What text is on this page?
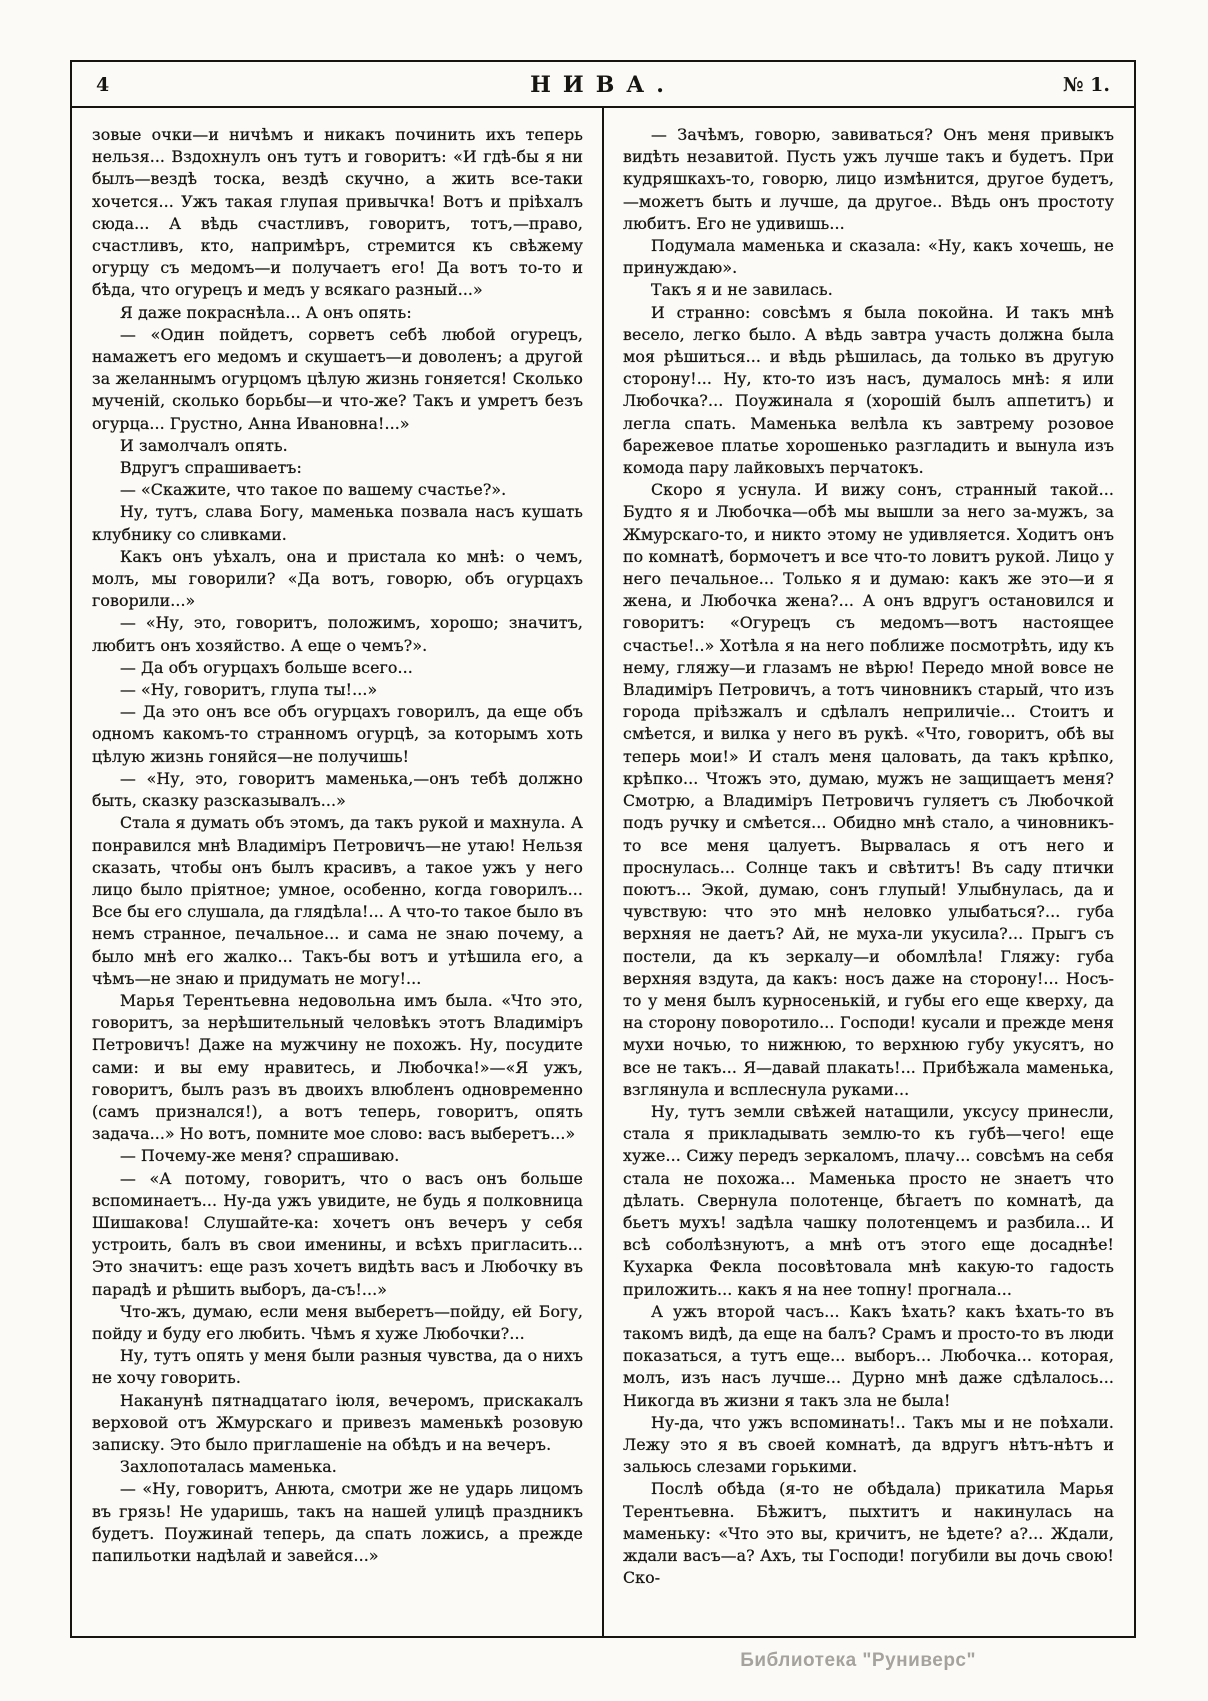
4	НИВА.	№ 1.

зовые очки—и ничѣмъ и никакъ починить ихъ теперь нельзя... Вздохнулъ онъ тутъ и говоритъ: «И гдѣ-бы я ни былъ—вездѣ тоска, вездѣ скучно, а жить все-таки хочется... Ужъ такая глупая привычка! Вотъ и пріѣхалъ сюда... А вѣдь счастливъ, говоритъ, тотъ,—право, счастливъ, кто, напримѣръ, стремится къ свѣжему огурцу съ медомъ—и получаетъ его! Да вотъ то-то и бѣда, что огурецъ и медъ у всякаго разный...»

Я даже покраснѣла... А онъ опять:

— «Один пойдетъ, сорветъ себѣ любой огурецъ, намажетъ его медомъ и скушаетъ—и доволенъ; а другой за желаннымъ огурцомъ цѣлую жизнь гоняется! Сколько мученій, сколько борьбы—и что-же? Такъ и умретъ безъ огурца... Грустно, Анна Ивановна!...»

И замолчалъ опять.

Вдругъ спрашиваетъ:

— «Скажите, что такое по вашему счастье?».

Ну, тутъ, слава Богу, маменька позвала насъ кушать клубнику со сливками.

Какъ онъ уѣхалъ, она и пристала ко мнѣ: о чемъ, молъ, мы говорили? «Да вотъ, говорю, объ огурцахъ говорили...»

— «Ну, это, говоритъ, положимъ, хорошо; значитъ, любитъ онъ хозяйство. А еще о чемъ?».

— Да объ огурцахъ больше всего...

— «Ну, говоритъ, глупа ты!...»

— Да это онъ все объ огурцахъ говорилъ, да еще объ одномъ какомъ-то странномъ огурцѣ, за которымъ хоть цѣлую жизнь гоняйся—не получишь!

— «Ну, это, говоритъ маменька,—онъ тебѣ должно быть, сказку разсказывалъ...»

Стала я думать объ этомъ, да такъ рукой и махнула. А понравился мнѣ Владиміръ Петровичъ—не утаю! Нельзя сказать, чтобы онъ былъ красивъ, а такое ужъ у него лицо было пріятное; умное, особенно, когда говорилъ... Все бы его слушала, да глядѣла!... А что-то такое было въ немъ странное, печальное... и сама не знаю почему, а было мнѣ его жалко... Такъ-бы вотъ и утѣшила его, а чѣмъ—не знаю и придумать не могу!...

Марья Терентьевна недовольна имъ была. «Что это, говоритъ, за нерѣшительный человѣкъ этотъ Владиміръ Петровичъ! Даже на мужчину не похожъ. Ну, посудите сами: и вы ему нравитесь, и Любочка!»—«Я ужъ, говоритъ, былъ разъ въ двоихъ влюбленъ одновременно (самъ признался!), а вотъ теперь, говоритъ, опять задача...» Но вотъ, помните мое слово: васъ выберетъ...»

— Почему-же меня? спрашиваю.

— «А потому, говоритъ, что о васъ онъ больше вспоминаетъ... Ну-да ужъ увидите, не будь я полковница Шишакова! Слушайте-ка: хочетъ онъ вечеръ у себя устроить, балъ въ свои именины, и всѣхъ пригласить... Это значитъ: еще разъ хочетъ видѣть васъ и Любочку въ парадѣ и рѣшить выборъ, да-съ!...»

Что-жъ, думаю, если меня выберетъ—пойду, ей Богу, пойду и буду его любить. Чѣмъ я хуже Любочки?...

Ну, тутъ опять у меня были разныя чувства, да о нихъ не хочу говорить.

Наканунѣ пятнадцатаго іюля, вечеромъ, прискакалъ верховой отъ Жмурскаго и привезъ маменькѣ розовую записку. Это было приглашеніе на обѣдъ и на вечеръ.

Захлопоталась маменька.

— «Ну, говоритъ, Анюта, смотри же не ударь лицомъ въ грязь! Не ударишь, такъ на нашей улицѣ праздникъ будетъ. Поужинай теперь, да спать ложись, а прежде папильотки надѣлай и завейся...»

— Зачѣмъ, говорю, завиваться? Онъ меня привыкъ видѣть незавитой. Пусть ужъ лучше такъ и будетъ. При кудряшкахъ-то, говорю, лицо измѣнится, другое будетъ,—можетъ быть и лучше, да другое.. Вѣдь онъ простоту любитъ. Его не удивишь...

Подумала маменька и сказала: «Ну, какъ хочешь, не принуждаю».

Такъ я и не завилась.

И странно: совсѣмъ я была покойна. И такъ мнѣ весело, легко было. А вѣдь завтра участь должна была моя рѣшиться... и вѣдь рѣшилась, да только въ другую сторону!... Ну, кто-то изъ насъ, думалось мнѣ: я или Любочка?... Поужинала я (хорошій былъ аппетитъ) и легла спать. Маменька велѣла къ завтрему розовое барежевое платье хорошенько разгладить и вынула изъ комода пару лайковыхъ перчатокъ.

Скоро я уснула. И вижу сонъ, странный такой... Будто я и Любочка—обѣ мы вышли за него за-мужъ, за Жмурскаго-то, и никто этому не удивляется. Ходитъ онъ по комнатѣ, бормочетъ и все что-то ловитъ рукой. Лицо у него печальное... Только я и думаю: какъ же это—и я жена, и Любочка жена?... А онъ вдругъ остановился и говоритъ: «Огурецъ съ медомъ—вотъ настоящее счастье!..» Хотѣла я на него поближе посмотрѣть, иду къ нему, гляжу—и глазамъ не вѣрю! Передо мной вовсе не Владиміръ Петровичъ, а тотъ чиновникъ старый, что изъ города пріѣзжалъ и сдѣлалъ неприличіе... Стоитъ и смѣется, и вилка у него въ рукѣ. «Что, говоритъ, обѣ вы теперь мои!» И сталъ меня цаловать, да такъ крѣпко, крѣпко... Чтожъ это, думаю, мужъ не защищаетъ меня? Смотрю, а Владиміръ Петровичъ гуляетъ съ Любочкой подъ ручку и смѣется... Обидно мнѣ стало, а чиновникъ-то все меня цалуетъ. Вырвалась я отъ него и проснулась... Солнце такъ и свѣтитъ! Въ саду птички поютъ... Экой, думаю, сонъ глупый! Улыбнулась, да и чувствую: что это мнѣ неловко улыбаться?... губа верхняя не даетъ? Ай, не муха-ли укусила?... Прыгъ съ постели, да къ зеркалу—и обомлѣла! Гляжу: губа верхняя вздута, да какъ: носъ даже на сторону!... Носъ-то у меня былъ курносенькій, и губы его еще кверху, да на сторону поворотило... Господи! кусали и прежде меня мухи ночью, то нижнюю, то верхнюю губу укусятъ, но все не такъ... Я—давай плакать!... Прибѣжала маменька, взглянула и всплеснула руками...

Ну, тутъ земли свѣжей натащили, уксусу принесли, стала я прикладывать землю-то къ губѣ—чего! еще хуже... Сижу передъ зеркаломъ, плачу... совсѣмъ на себя стала не похожа... Маменька просто не знаетъ что дѣлать. Свернула полотенце, бѣгаетъ по комнатѣ, да бьетъ мухъ! задѣла чашку полотенцемъ и разбила... И всѣ соболѣзнуютъ, а мнѣ отъ этого еще досаднѣе! Кухарка Фекла посовѣтовала мнѣ какую-то гадость приложить... какъ я на нее топну! прогнала...

А ужъ второй часъ... Какъ ѣхать? какъ ѣхать-то въ такомъ видѣ, да еще на балъ? Срамъ и просто-то въ люди показаться, а тутъ еще... выборъ... Любочка... которая, молъ, изъ насъ лучше... Дурно мнѣ даже сдѣлалось... Никогда въ жизни я такъ зла не была!

Ну-да, что ужъ вспоминать!.. Такъ мы и не поѣхали. Лежу это я въ своей комнатѣ, да вдругъ нѣтъ-нѣтъ и зальюсь слезами горькими.

Послѣ обѣда (я-то не обѣдала) прикатила Марья Терентьевна. Бѣжитъ, пыхтитъ и накинулась на маменьку: «Что это вы, кричитъ, не ѣдете? а?... Ждали, ждали васъ—а? Ахъ, ты Господи! погубили вы дочь свою! Ско-

Библиотека "Руниверс"
